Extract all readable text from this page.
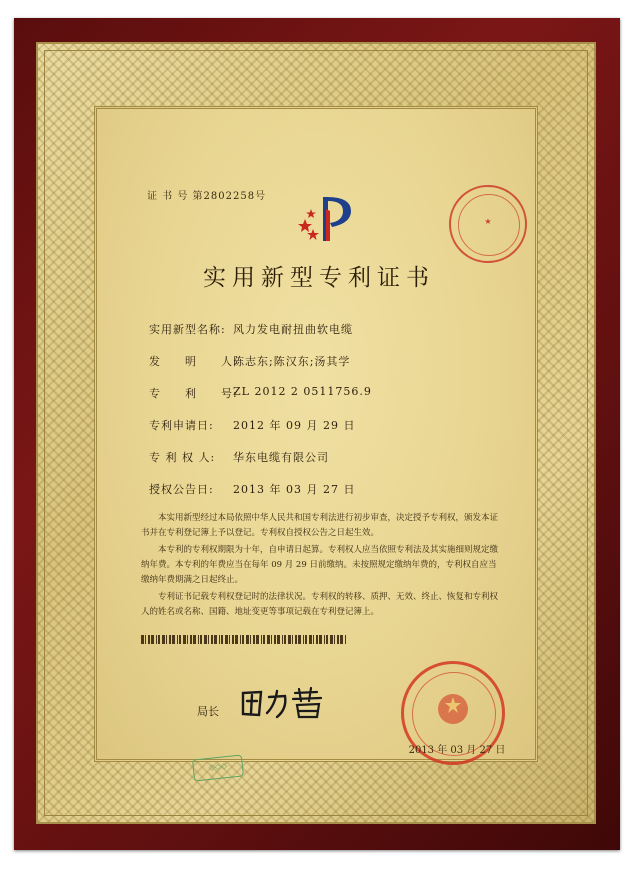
证 书 号 第2802258号
★
实用新型专利证书
实用新型名称: 风力发电耐扭曲软电缆
发　　明　　人:
陈志东;陈汉东;汤其学
专　　利　　号:
ZL 2012 2 0511756.9
专利申请日: 2012 年 09 月 29 日
专 利 权 人: 华东电缆有限公司
授权公告日: 2013 年 03 月 27 日

本实用新型经过本局依照中华人民共和国专利法进行初步审查，决定授予专利权，颁发本证书并在专利登记簿上予以登记。专利权自授权公告之日起生效。

本专利的专利权期限为十年，自申请日起算。专利权人应当依照专利法及其实施细则规定缴纳年费。本专利的年费应当在每年 09 月 29 日前缴纳。未按照规定缴纳年费的，专利权自应当缴纳年费期满之日起终止。

专利证书记载专利权登记时的法律状况。专利权的转移、质押、无效、终止、恢复和专利权人的姓名或名称、国籍、地址变更等事项记载在专利登记簿上。

局长
◇◇◇
2013 年 03 月 27 日
